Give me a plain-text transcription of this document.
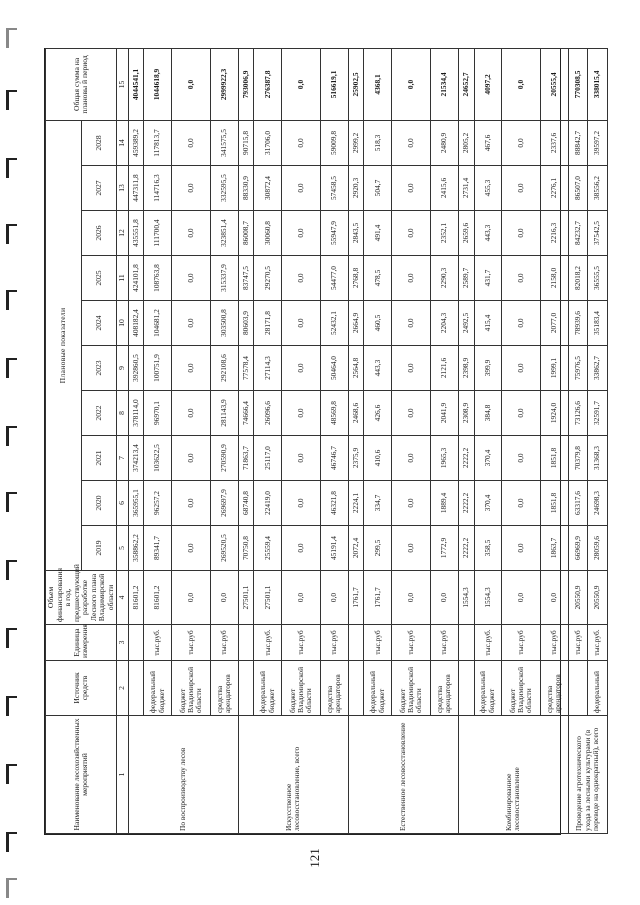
Наименование лесохозяйственных мероприятий	Источник средств	Единица измерения	Объем финансирования в год, предшествующий разработке Лесного плана Владимирской области	Плановые показатели										Общая сумма на плановы й период
				2019	2020	2021	2022	2023	2024	2025	2026	2027	2028	
1	2	3	4	5	6	7	8	9	10	11	12	13	14	15
По воспроизводству лесов			81601,2	358862,2	365955,1	374213,4	378114,0	392860,5	408182,4	424101,8	435551,8	447311,8	459389,2	4044541,1
	федеральный бюджет	тыс.руб.	81601,2	89341,7	96257,2	103622,5	96970,1	100751,9	104681,2	108763,8	111700,4	114716,3	117813,7	1044618,9
	бюджет Владимирской области	тыс.руб	0,0	0,0	0,0	0,0	0,0	0,0	0,0	0,0	0,0	0,0	0,0	0,0
	средства арендаторов	тыс.руб	0,0	269520,5	269697,9	270590,9	281143,9	292108,6	303500,8	315337,9	323851,4	332595,5	341575,5	2999922,3
Искусственное лесовосстановление, всего			27501,1	70750,8	68740,8	71863,7	74666,4	77578,4	80603,9	83747,5	86008,7	88330,9	90715,8	793006,9
	федеральный бюджет	тыс.руб.	27501,1	25559,4	22419,0	25117,0	26096,6	27114,3	28171,8	29270,5	30060,8	30872,4	31706,0	276387,8
	бюджет Владимирской области	тыс.руб	0,0	0,0	0,0	0,0	0,0	0,0	0,0	0,0	0,0	0,0	0,0	0,0
	средства арендаторов	тыс.руб	0,0	45191,4	46321,8	46746,7	48569,8	50464,0	52432,1	54477,0	55947,9	57458,5	59009,8	516619,1
Естественное лесовосстановление			1761,7	2072,4	2224,1	2375,9	2468,6	2564,8	2664,9	2768,8	2843,5	2920,3	2999,2	25902,5
	федеральный бюджет	тыс.руб	1761,7	299,5	334,7	410,6	426,6	443,3	460,5	478,5	491,4	504,7	518,3	4368,1
	бюджет Владимирской области	тыс.руб	0,0	0,0	0,0	0,0	0,0	0,0	0,0	0,0	0,0	0,0	0,0	0,0
	средства арендаторов	тыс.руб	0,0	1772,9	1889,4	1965,3	2041,9	2121,6	2204,3	2290,3	2352,1	2415,6	2480,9	21534,4
Комбинированное лесовосстановление			1554,3	2222,2	2222,2	2222,2	2308,9	2398,9	2492,5	2589,7	2659,6	2731,4	2805,2	24652,7
	федеральный бюджет	тыс.руб.	1554,3	358,5	370,4	370,4	384,8	399,9	415,4	431,7	443,3	455,3	467,6	4097,2
	бюджет Владимирской области	тыс.руб	0,0	0,0	0,0	0,0	0,0	0,0	0,0	0,0	0,0	0,0	0,0	0,0
	средства арендаторов	тыс.руб	0,0	1863,7	1851,8	1851,8	1924,0	1999,1	2077,0	2158,0	2216,3	2276,1	2337,6	20555,4
Проведение агротехнического ухода за лесными культурами (в переводе на однократный), всего		тыс.руб	20550,9	66969,9	63317,6	70379,8	73126,6	75976,5	78939,6	82018,2	84232,7	86507,0	88842,7	770308,5
	федеральный	тыс.руб.	20550,9	28059,6	24698,3	31368,3	32591,7	33862,7	35183,4	36555,5	37542,5	38556,2	39597,2	338015,4
121
